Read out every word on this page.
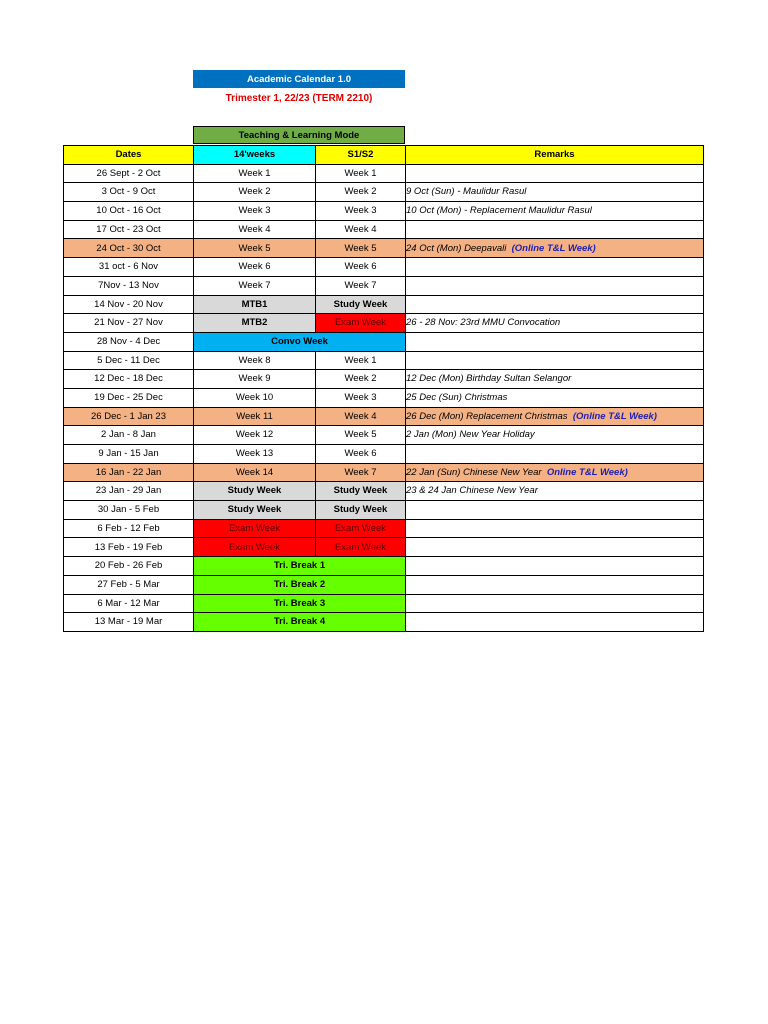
Academic Calendar 1.0
Trimester 1, 22/23 (TERM 2210)
Teaching & Learning Mode
Dates	14'weeks	S1/S2	Remarks
26 Sept - 2 Oct	Week 1	Week 1	
3 Oct - 9 Oct	Week 2	Week 2	9 Oct (Sun) - Maulidur Rasul
10 Oct - 16 Oct	Week 3	Week 3	10 Oct (Mon) - Replacement Maulidur Rasul
17 Oct - 23 Oct	Week 4	Week 4	
24 Oct - 30 Oct	Week 5	Week 5	24 Oct (Mon) Deepavali (Online T&L Week)
31 oct - 6 Nov	Week 6	Week 6	
7Nov - 13 Nov	Week 7	Week 7	
14 Nov - 20 Nov	MTB1	Study Week	
21 Nov - 27 Nov	MTB2	Exam Week	26 - 28 Nov: 23rd MMU Convocation
28 Nov - 4 Dec	Convo Week		
5 Dec - 11 Dec	Week 8	Week 1	
12 Dec - 18 Dec	Week 9	Week 2	12 Dec (Mon) Birthday Sultan Selangor
19 Dec - 25 Dec	Week 10	Week 3	25 Dec (Sun) Christmas
26 Dec - 1 Jan 23	Week 11	Week 4	26 Dec (Mon) Replacement Christmas (Online T&L Week)
2 Jan - 8 Jan	Week 12	Week 5	2 Jan (Mon) New Year Holiday
9 Jan - 15 Jan	Week 13	Week 6	
16 Jan - 22 Jan	Week 14	Week 7	22 Jan (Sun) Chinese New Year Online T&L Week)
23 Jan - 29 Jan	Study Week	Study Week	23 & 24 Jan Chinese New Year
30 Jan - 5 Feb	Study Week	Study Week	
6 Feb - 12 Feb	Exam Week	Exam Week	
13 Feb - 19 Feb	Exam Week	Exam Week	
20 Feb - 26 Feb	Tri. Break 1		
27 Feb - 5 Mar	Tri. Break 2		
6 Mar - 12 Mar	Tri. Break 3		
13 Mar - 19 Mar	Tri. Break 4		
